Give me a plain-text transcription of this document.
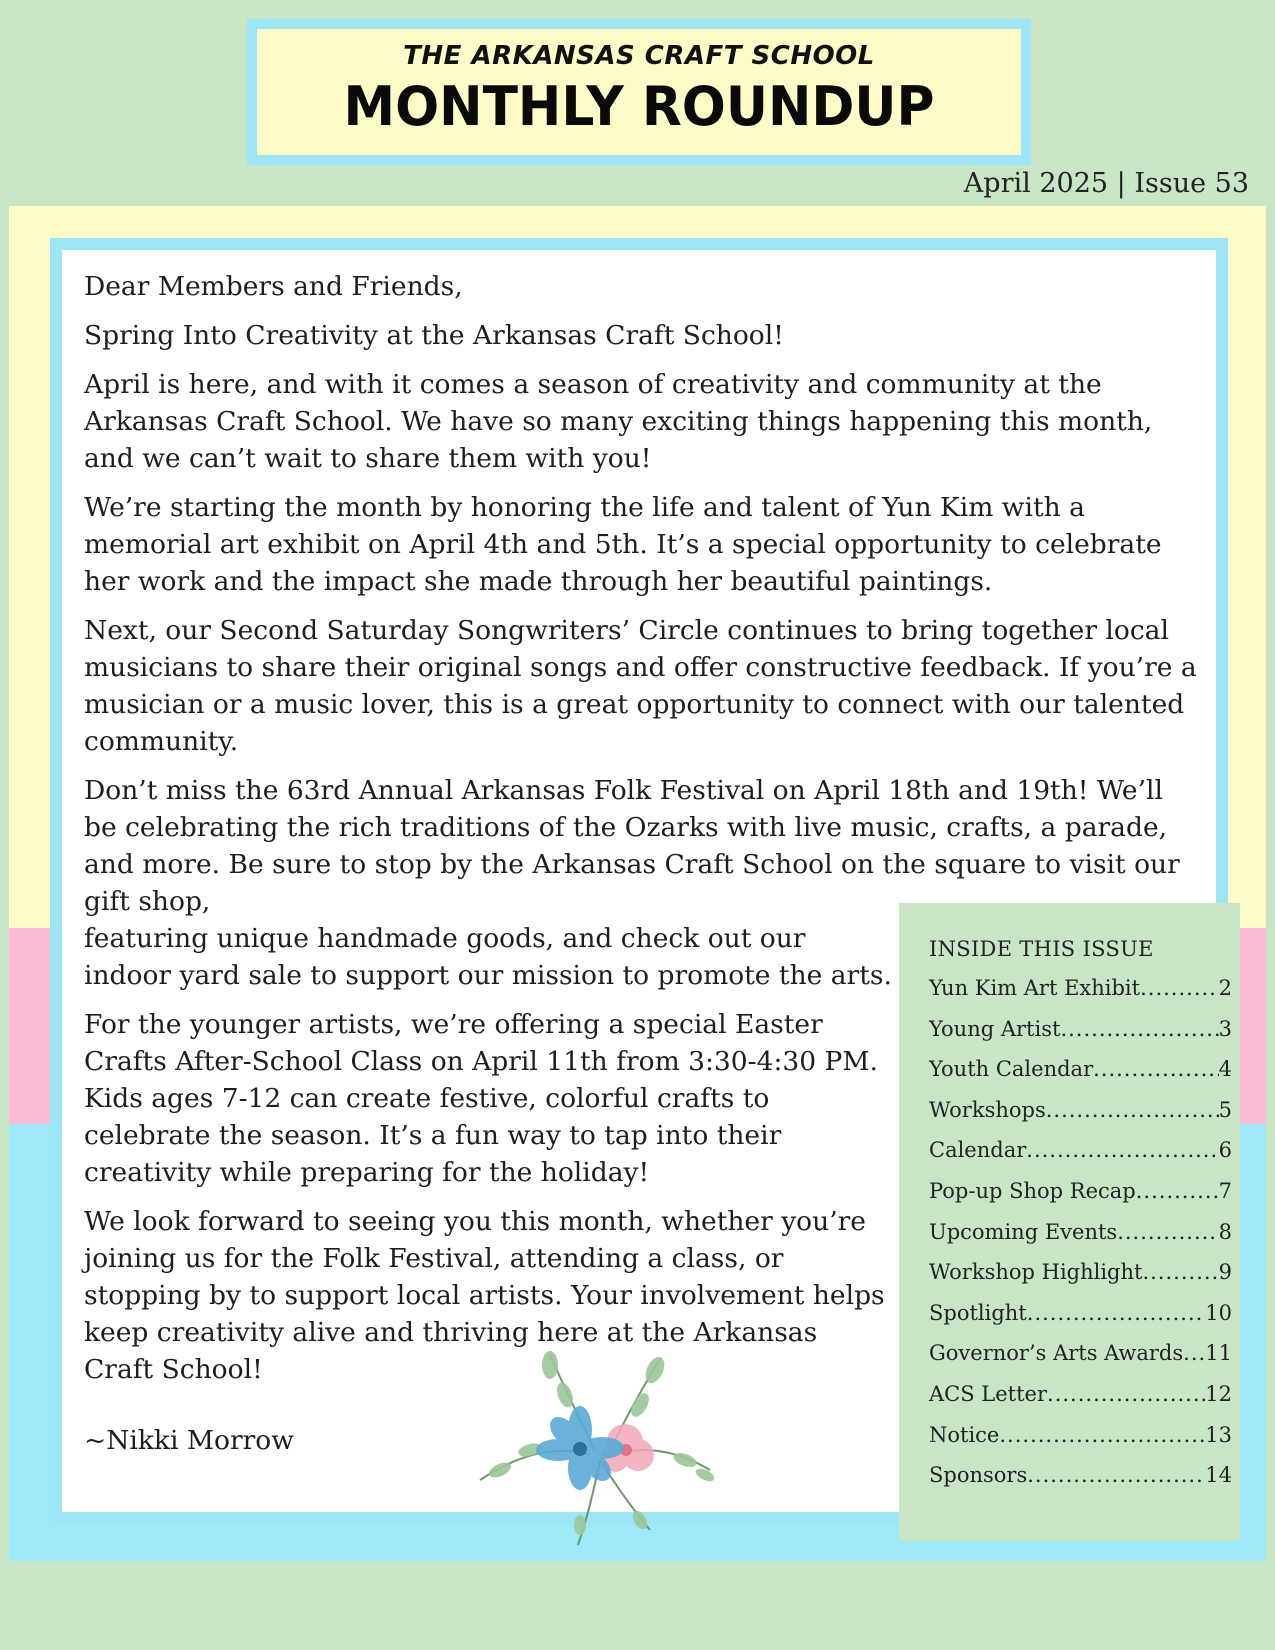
THE ARKANSAS CRAFT SCHOOL
MONTHLY ROUNDUP
April 2025 | Issue 53

Dear Members and Friends,

Spring Into Creativity at the Arkansas Craft School!

April is here, and with it comes a season of creativity and community at the Arkansas Craft School. We have so many exciting things happening this month, and we can’t wait to share them with you!

We’re starting the month by honoring the life and talent of Yun Kim with a memorial art exhibit on April 4th and 5th. It’s a special opportunity to celebrate her work and the impact she made through her beautiful paintings.

Next, our Second Saturday Songwriters’ Circle continues to bring together local musicians to share their original songs and offer constructive feedback. If you’re a musician or a music lover, this is a great opportunity to connect with our talented community.

Don’t miss the 63rd Annual Arkansas Folk Festival on April 18th and 19th! We’ll be celebrating the rich traditions of the Ozarks with live music, crafts, a parade, and more. Be sure to stop by the Arkansas Craft School on the square to visit our gift shop,

featuring unique handmade goods, and check out our indoor yard sale to support our mission to promote the arts.

For the younger artists, we’re offering a special Easter Crafts After-School Class on April 11th from 3:30-4:30 PM. Kids ages 7-12 can create festive, colorful crafts to celebrate the season. It’s a fun way to tap into their creativity while preparing for the holiday!

We look forward to seeing you this month, whether you’re joining us for the Folk Festival, attending a class, or stopping by to support local artists. Your involvement helps keep creativity alive and thriving here at the Arkansas Craft School!

~Nikki Morrow

INSIDE THIS ISSUE
Yun Kim Art Exhibit .....	2
Young Artist .....	3
Youth Calendar .....	4
Workshops .....	5
Calendar .....	6
Pop-up Shop Recap .....	7
Upcoming Events .....	8
Workshop Highlight .....	9
Spotlight .....	10
Governor’s Arts Awards ..... 11
ACS Letter .....	12
Notice .....	13
Sponsors .....	14
